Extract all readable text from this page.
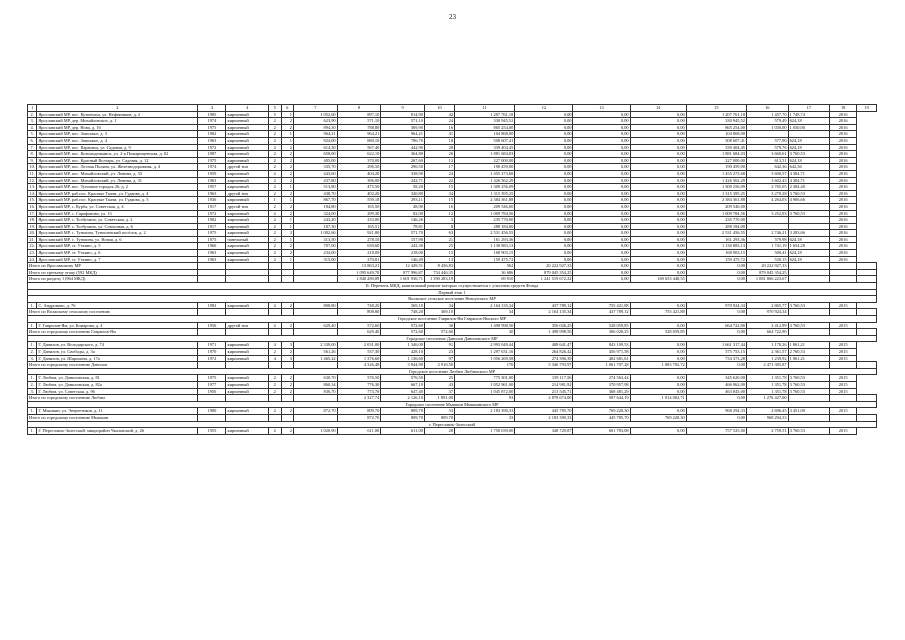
23
1	2	3	4	5	6	7	8	9	10	11	12	13	14	15	16	17	18	19
2.	Ярославский МР, пос. Кузнечиха, ул. Нефтяников, д. 2	1985	кирпичный	5	1	1 052,60	897,10	814,90	42	1 207 761,18	0,00	0,00	0,00	1 207 761,18	1 457,70	1 748,74	2016	
3.	Ярославский МР, дер. Михайловское, д. 1	1974	кирпичный	2	2	623,90	571,10	571,10	24	330 945,52	0,00	0,00	0,00	330 945,52	579,49	624,18	2016	
4.	Ярославский МР, дер. Нова, д. 16	1975	кирпичный	2	2	894,30	788,80	369,90	16	865 254,00	0,00	0,00	0,00	865 254,00	1 030,00	1 030,00	2016	
5.	Ярославский МР, пос. Заволжье, д. 3	1982	кирпичный	2	1	964,21	964,21	964,21	41	104 868,00	0,00	0,00	0,00	104 868,00			2016	
6.	Ярославский МР, пос. Заволжье, д. 4	1963	кирпичный	2	1	924,00	880,10	786,70	18	508 607,41	0,00	0,00	0,00	508 607,41	577,90	624,18	2016	
7.	Ярославский МР, пос. Карачиха, ул. Садовая, д. 9	1972	кирпичный	2	2	614,30	567,40	442,90	28	339 404,45	0,00	0,00	0,00	339 404,45	579,76	624,18	2016	
8.	Ярославский МР, пос. Козьмодемьянск, ул. 2-я Пожарищенская, д. 82	1987	кирпичный	2	2	658,00	622,10	364,80	26	1 881 684,03	0,00	0,00	0,00	1 881 684,03	3 660,61	3 760,53	2016	
9.	Ярославский МР, пос. Красный Волгарь, ул. Садовая, д. 12	1975	кирпичный	2	2	405,00	370,00	267,60	13	227 000,00	0,00	0,00	0,00	227 000,00	613,51	624,18	2016	
10.	Ярославский МР, пос. Лесная Поляна, ул. Железнодорожная, д. 4	1974	другой тип	2	2	335,70	296,50	296,50	17	190 459,00	0,00	0,00	0,00	190 459,00	642,36	642,36	2016	
11.	Ярославский МР, пос. Михайловский, ул. Ленина, д. 33	1959	кирпичный	2	2	443,60	404,20	338,90	24	1 455 273,68	0,00	0,00	0,00	1 455 273,68	3 600,57	4 384,71	2016	
12.	Ярославский МР, пос. Михайловский, ул. Ленина, д. 31	1963	кирпичный	2	2	437,80	396,00	242,71	22	1 426 562,29	0,00	0,00	0,00	1 426 562,29	3 602,43	4 384,71	2016	
13.	Ярославский МР, пос. Туношна-городок 26, д. 2	1957	кирпичный	2	1	513,80	475,50	58,20	15	1 309 256,09	0,00	0,00	0,00	1 309 256,09	2 765,05	2 384,40	2016	
14.	Ярославский МР, раб.пос. Красные Ткачи, ул. Гудкова, д. 4	1963	другой тип	2	2	438,70	402,20	320,80	34	1 315 395,25	0,00	0,00	0,00	1 315 395,25	3 270,28	3 760,53	2016	
15.	Ярославский МР, раб.пос. Красные Ткачи, ул. Гудкова, д. 5	1936	кирпичный	1	1	867,70	559,18	293,11	15	2 384 361,88	0,00	0,00	0,00	2 384 361,88	4 264,03	4 906,66	2016	
16.	Ярославский МР, с. Курба, ул. Советская, д. 4	1917	другой тип	2	2	184,80	165,50	48,90	16	209 546,00	0,00	0,00	0,00	209 546,00			2016	
17.	Ярославский МР, с. Сарафоново, ул. 13	1972	кирпичный	2	2	324,00	299,30	82,00	12	1 009 784,56	0,00	0,00	0,00	1 009 784,56	3 252,93	3 760,53	2016	
18.	Ярославский МР, с. Толбухино, ул. Советская, д. 2	1902	кирпичный	2	1	243,20	233,00	146,26	3	235 770,00	0,00	0,00	0,00	235 770,00			2016	
19.	Ярославский МР, с. Толбухино, ул. Совхозная, д. 6	1917	кирпичный	2	1	187,30	165,51	78,81	8	288 184,00	0,00	0,00	0,00	288 184,00			2016	
20.	Ярославский МР, с. Туношна, Туношенский посёлок, д. 2	1975	кирпичный	2	3	1 002,66	921,80	571,70	63	2 531 456,55	0,00	0,00	0,00	2 531 456,55	2 746,21	3 283,66	2016	
21.	Ярославский МР, с. Туношна, ул. Новая, д. 6	1975	панельный	2	1	313,50	278,10	157,90	21	161 293,36	0,00	0,00	0,00	161 293,36	579,98	624,18	2016	
22.	Ярославский МР, ст. Уткино, д. 5	1966	кирпичный	2	2	707,00	639,60	242,30	25	1 130 883,13	0,00	0,00	0,00	1 130 883,13	1 741,19	1 654,28	2016	
23.	Ярославский МР, ст. Уткино, д. 6	1963	кирпичный	2	2	234,00	218,00	218,00	15	168 903,15	0,00	0,00	0,00	168 903,15	500,41	624,18	2016	
24.	Ярославский МР, ст. Уткино, д. 7	1963	кирпичный	2	1	315,00	270,81	146,49	13	159 475,72	0,00	0,00	0,00	159 475,72	530,15	624,18	2016	
Итого по Ярославскому МР							13 863,21	12 449,51	8 436,83	562	20 222 927,33	0,00	0,00	0,00	20 222 927,33			
Итого по третьему этапу (592 МКД)							1 095 649,70	877 996,87	754 446,35	36 686	879 045 354,25	0,00	0,00	0,00	879 045 354,25			
Итого по разделу I (964 МКД)							1 840 280,89	1 601 936,71	1 390 283,19	69 910	1 241 519 672,22	0,00	169 653 448,55	0,00	1 081 866 223,67			
II. Перечень МКД, капитальный ремонт которых осуществляется с участием средств Фонда																		
Первый этап 1																		
Волжское сельское поселение Некоузского МР																		
1.	С. Андроново, д. 76	1982	кирпичный	2	2	808,80	748,20	369,10	34	2 164 135,34	437 789,12	755 421,88	0,00	970 924,34	2 865,77	3 760,53	2015	
Итого по Волжскому сельскому поселению							808,80	748,20	369,10	34	2 164 135,34	437 789,12	755 421,88	0,00	970 924,34			
Городское поселение Гаврилов-Ям Гаврилов-Ямского МР																		
1.	Г. Гаврилов-Ям, ул. Комарова, д. 4	1956	другой тип	2	2	629,40	572,60	572,60	30	1 498 998,50	356 026,25	528 059,85	0,00	664 722,90	2 412,99	3 760,53	2015	
Итого по городскому поселению Гаврилов-Ям							629,40	572,60	572,60	30	1 498 998,50	306 026,25	528 059,85	0,00	664 722,90			
Городское поселение Данилов Даниловского МР																		
1.	Г. Данилов, ул. Володарского, д. 74	1971	кирпичный	4	3	2 339,00	2 031,00	1 346,00	91	2 993 049,44	488 641,47	843 109,53	0,00	1 661 317,44	1 178,26	1 861,21	2015	
2.	Г. Данилов, ул. Свободы, д. 3а	1970	кирпичный	2	2	561,26	537,30	428,10	23	1 297 631,16	264 826,42	456 971,58	0,00	575 753,15	2 361,57	2 760,53	2015	
3.	Г. Данилов, ул. Шарохина, д. 17а	1972	кирпичный	4	3	1 465,22	1 376,60	1 136,60	97	1 056 269,58	274 396,39	482 681,61	0,00	734 373,28	1 239,92	1 861,21	2015	
Итого по городскому поселению Данилов							4 326,48	3 944,90	2 910,50	176	5 346 793,97	1 061 707,28	1 883 782,72	0,00	2 471 305,87			
Городское поселение Любим Любимского МР																		
1.	Г. Любим, ул. Даниловская, д. 81	1975	кирпичный	2	2	630,70	576,50	576,50	25	775 301,00	159 117,56	274 563,44	0,00	345 620,00	1 351,78	3 760,53	2015	
2.	Г. Любим, ул. Даниловская, д. 82а	1977	кирпичный	2	2	860,34	776,30	667,10	43	1 052 961,00	214 981,92	370 957,98	0,00	466 962,00	1 351,78	3 760,53	2015	
3.	Г. Любим, ул. Советская, д. 96	1956	кирпичный	2	2	836,70	773,70	647,40	37	1 045 872,00	213 545,71	368 481,29	0,00	463 845,00	1 351,78	3 760,53	2015	
Итого по городскому поселению Любим							2 327,74	2 126,10	1 891,00	93	2 878 674,00	587 644,19	1 014 002,71	0,00	1 276 427,00			
Городское поселение Мышкин Мышкинского МР																		
1.	Г. Мышкин, ул. Энергетиков, д. 11	1980	кирпичный	2	2	872,70	809,70	809,70	33	2 183 390,33	445 785,70	769 220,30	0,00	968 294,33	2 696,45	3 451,00	2015	
Итого по городскому поселению Мышкин							872,70	809,70	809,70	33	2 183 390,33	445 785,70	769 220,30	0,00	968 294,33			
г. Переславль-Залесский																		
1.	Г. Переславль-Залесский, микрорайон Чкаловский, д. 26	1955	кирпичный	2	2	1 020,90	611,00	611,00	28	1 758 039,00	348 729,87	601 783,08	0,00	757 525,00	2 759,51	3 760,53	2015	
